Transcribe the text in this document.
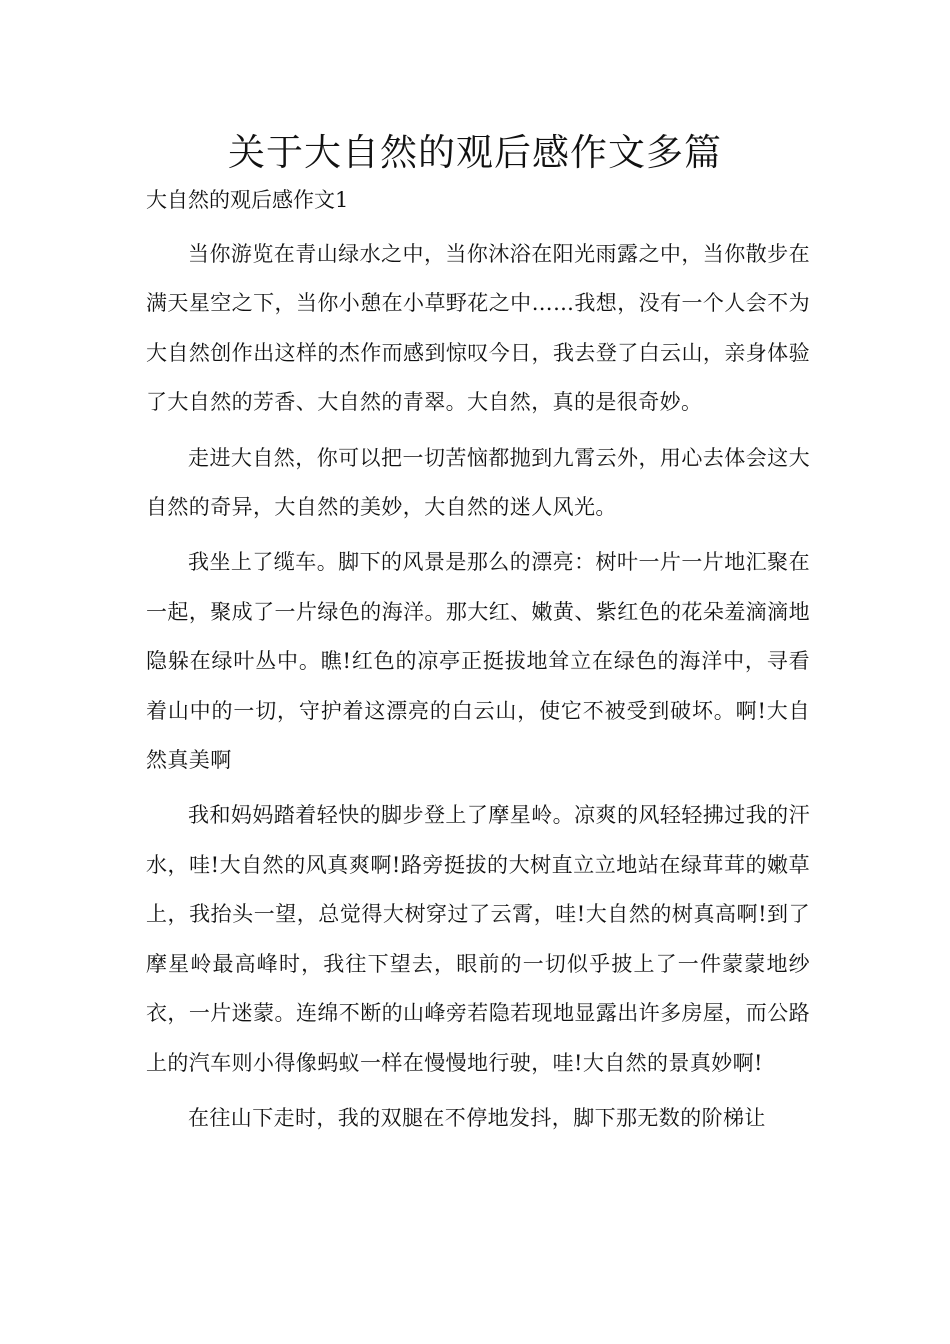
关于大自然的观后感作文多篇

大自然的观后感作文1

当你游览在青山绿水之中，当你沐浴在阳光雨露之中，当你散步在满天星空之下，当你小憩在小草野花之中……我想，没有一个人会不为大自然创作出这样的杰作而感到惊叹今日，我去登了白云山，亲身体验了大自然的芳香、大自然的青翠。大自然，真的是很奇妙。

走进大自然，你可以把一切苦恼都抛到九霄云外，用心去体会这大自然的奇异，大自然的美妙，大自然的迷人风光。

我坐上了缆车。脚下的风景是那么的漂亮：树叶一片一片地汇聚在一起，聚成了一片绿色的海洋。那大红、嫩黄、紫红色的花朵羞滴滴地隐躲在绿叶丛中。瞧!红色的凉亭正挺拔地耸立在绿色的海洋中，寻看着山中的一切，守护着这漂亮的白云山，使它不被受到破坏。啊!大自然真美啊

我和妈妈踏着轻快的脚步登上了摩星岭。凉爽的风轻轻拂过我的汗水，哇!大自然的风真爽啊!路旁挺拔的大树直立立地站在绿茸茸的嫩草上，我抬头一望，总觉得大树穿过了云霄，哇!大自然的树真高啊!到了摩星岭最高峰时，我往下望去，眼前的一切似乎披上了一件蒙蒙地纱衣，一片迷蒙。连绵不断的山峰旁若隐若现地显露出许多房屋，而公路上的汽车则小得像蚂蚁一样在慢慢地行驶，哇!大自然的景真妙啊!

在往山下走时，我的双腿在不停地发抖，脚下那无数的阶梯让
